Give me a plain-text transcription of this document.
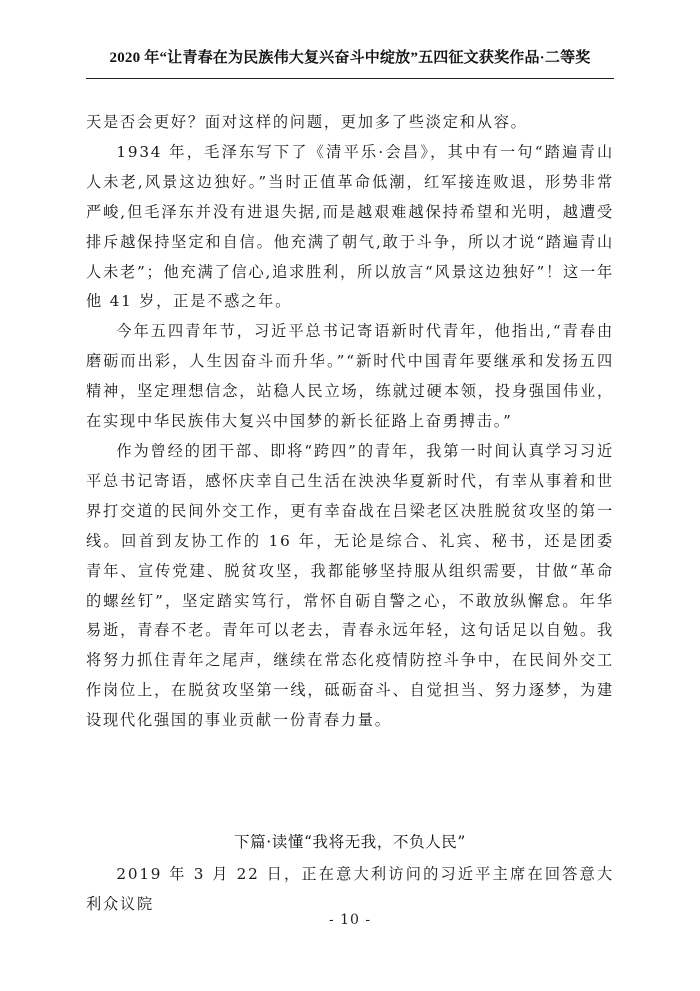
2020 年“让青春在为民族伟大复兴奋斗中绽放”五四征文获奖作品·二等奖

天是否会更好？面对这样的问题，更加多了些淡定和从容。

1934 年，毛泽东写下了《清平乐·会昌》，其中有一句“踏遍青山人未老,风景这边独好。”当时正值革命低潮，红军接连败退，形势非常严峻,但毛泽东并没有进退失据,而是越艰难越保持希望和光明，越遭受排斥越保持坚定和自信。他充满了朝气,敢于斗争，所以才说“踏遍青山人未老”；他充满了信心,追求胜利，所以放言“风景这边独好”！这一年他 41 岁，正是不惑之年。

今年五四青年节，习近平总书记寄语新时代青年，他指出,“青春由磨砺而出彩，人生因奋斗而升华。”“新时代中国青年要继承和发扬五四精神，坚定理想信念，站稳人民立场，练就过硬本领，投身强国伟业，在实现中华民族伟大复兴中国梦的新长征路上奋勇搏击。”

作为曾经的团干部、即将“跨四”的青年，我第一时间认真学习习近平总书记寄语，感怀庆幸自己生活在泱泱华夏新时代，有幸从事着和世界打交道的民间外交工作，更有幸奋战在吕梁老区决胜脱贫攻坚的第一线。回首到友协工作的 16 年，无论是综合、礼宾、秘书，还是团委青年、宣传党建、脱贫攻坚，我都能够坚持服从组织需要，甘做“革命的螺丝钉”，坚定踏实笃行，常怀自砺自警之心，不敢放纵懈怠。年华易逝，青春不老。青年可以老去，青春永远年轻，这句话足以自勉。我将努力抓住青年之尾声，继续在常态化疫情防控斗争中，在民间外交工作岗位上，在脱贫攻坚第一线，砥砺奋斗、自觉担当、努力逐梦，为建设现代化强国的事业贡献一份青春力量。

下篇·读懂“我将无我，不负人民”

2019 年 3 月 22 日，正在意大利访问的习近平主席在回答意大利众议院

- 10 -
